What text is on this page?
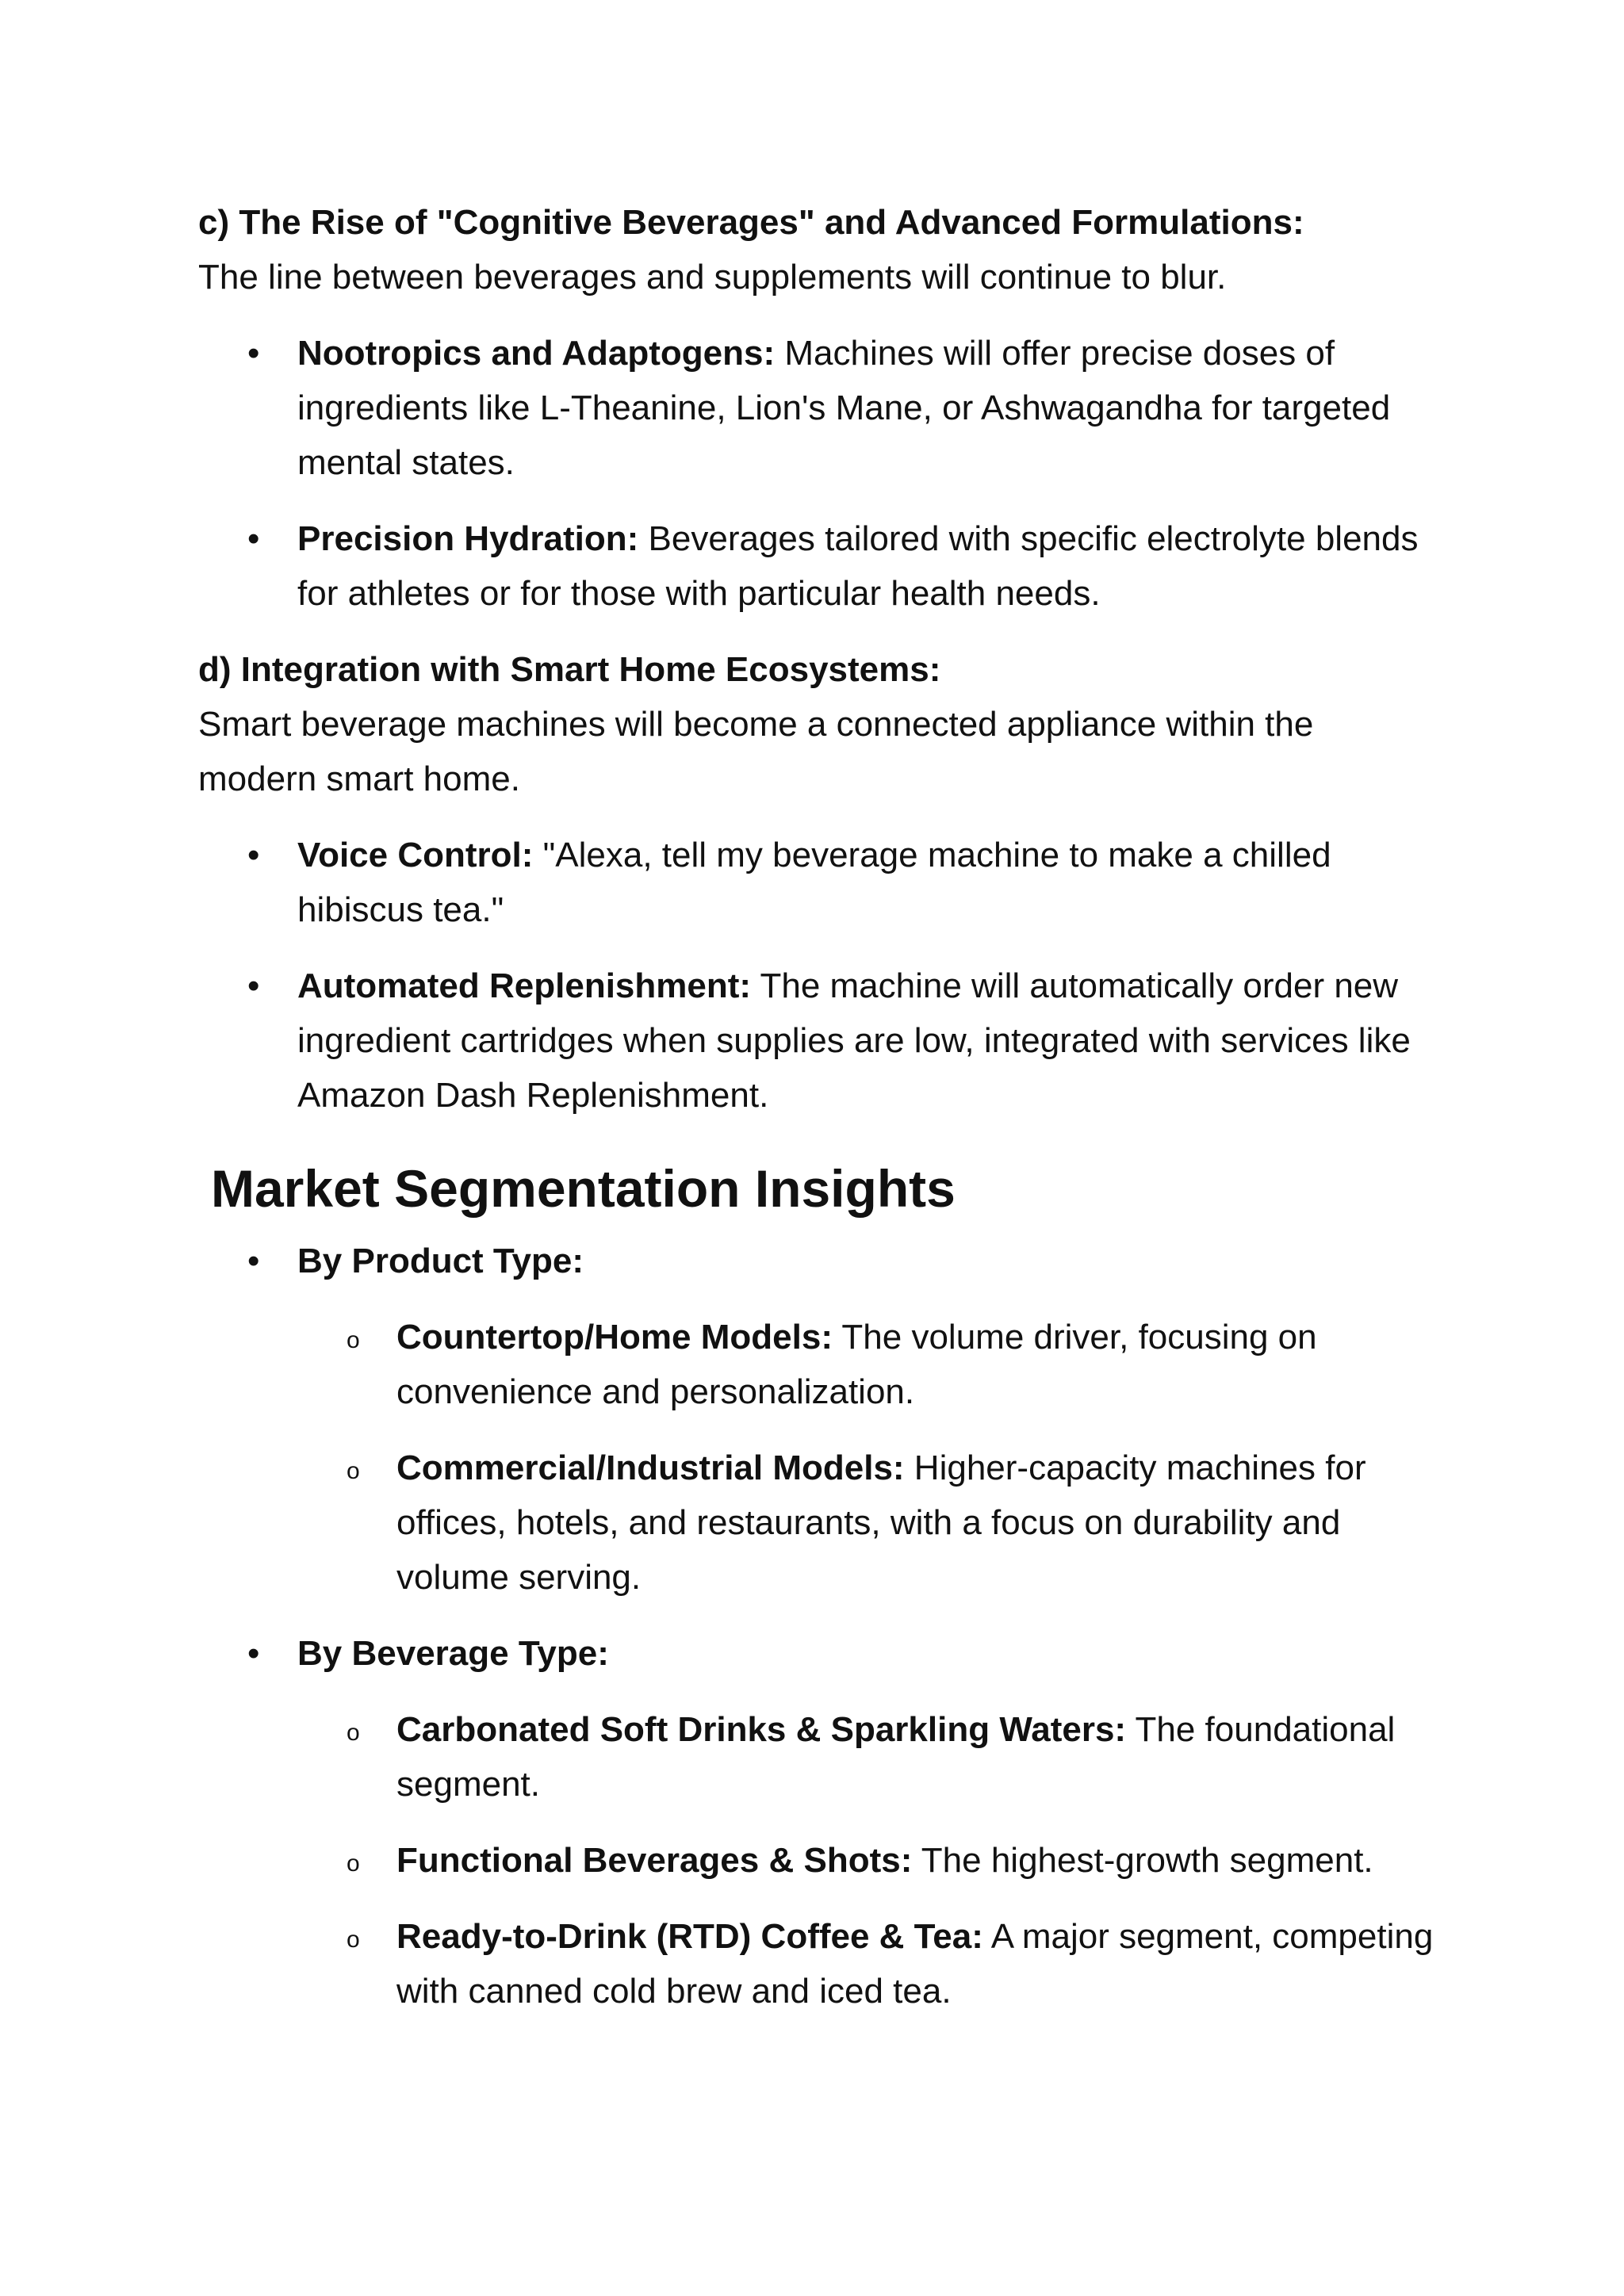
c) The Rise of "Cognitive Beverages" and Advanced Formulations:

The line between beverages and supplements will continue to blur.

•	Nootropics and Adaptogens: Machines will offer precise doses of ingredients like L-Theanine, Lion's Mane, or Ashwagandha for targeted mental states.
•	Precision Hydration: Beverages tailored with specific electrolyte blends for athletes or for those with particular health needs.

d) Integration with Smart Home Ecosystems:

Smart beverage machines will become a connected appliance within the modern smart home.

•	Voice Control: "Alexa, tell my beverage machine to make a chilled hibiscus tea."
•	Automated Replenishment: The machine will automatically order new ingredient cartridges when supplies are low, integrated with services like Amazon Dash Replenishment.
Market Segmentation Insights
•	By Product Type:
o Countertop/Home Models: The volume driver, focusing on convenience and personalization.
o Commercial/Industrial Models: Higher-capacity machines for offices, hotels, and restaurants, with a focus on durability and volume serving.
•	By Beverage Type:
o Carbonated Soft Drinks & Sparkling Waters: The foundational segment.
o Functional Beverages & Shots: The highest-growth segment.
o Ready-to-Drink (RTD) Coffee & Tea: A major segment, competing with canned cold brew and iced tea.
